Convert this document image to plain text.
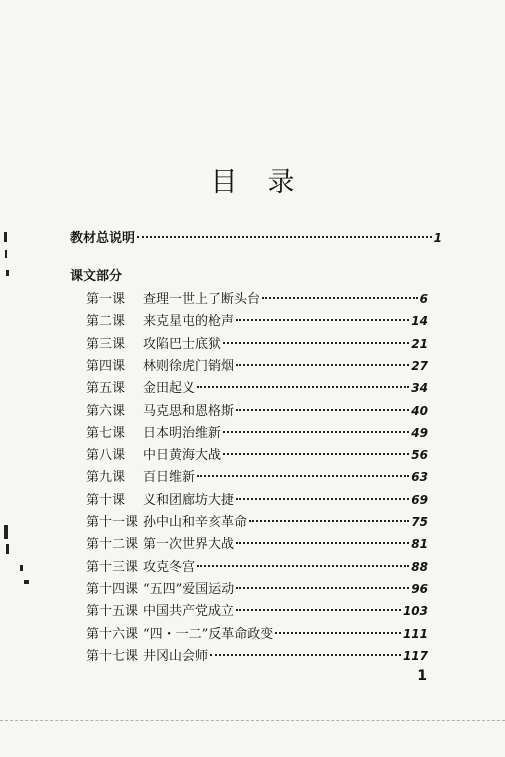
目录
教材总说明	1
课文部分
第一课	查理一世上了断头台	6
第二课	来克星屯的枪声	14
第三课	攻陷巴士底狱	21
第四课	林则徐虎门销烟	27
第五课	金田起义	34
第六课	马克思和恩格斯	40
第七课	日本明治维新	49
第八课	中日黄海大战	56
第九课	百日维新	63
第十课	义和团廊坊大捷	69
第十一课 孙中山和辛亥革命	75
第十二课 第一次世界大战	81
第十三课 攻克冬宫	88
第十四课 “五四”爱国运动	96
第十五课 中国共产党成立	103
第十六课 “四・一二”反革命政变	111
第十七课 井冈山会师	117
1
